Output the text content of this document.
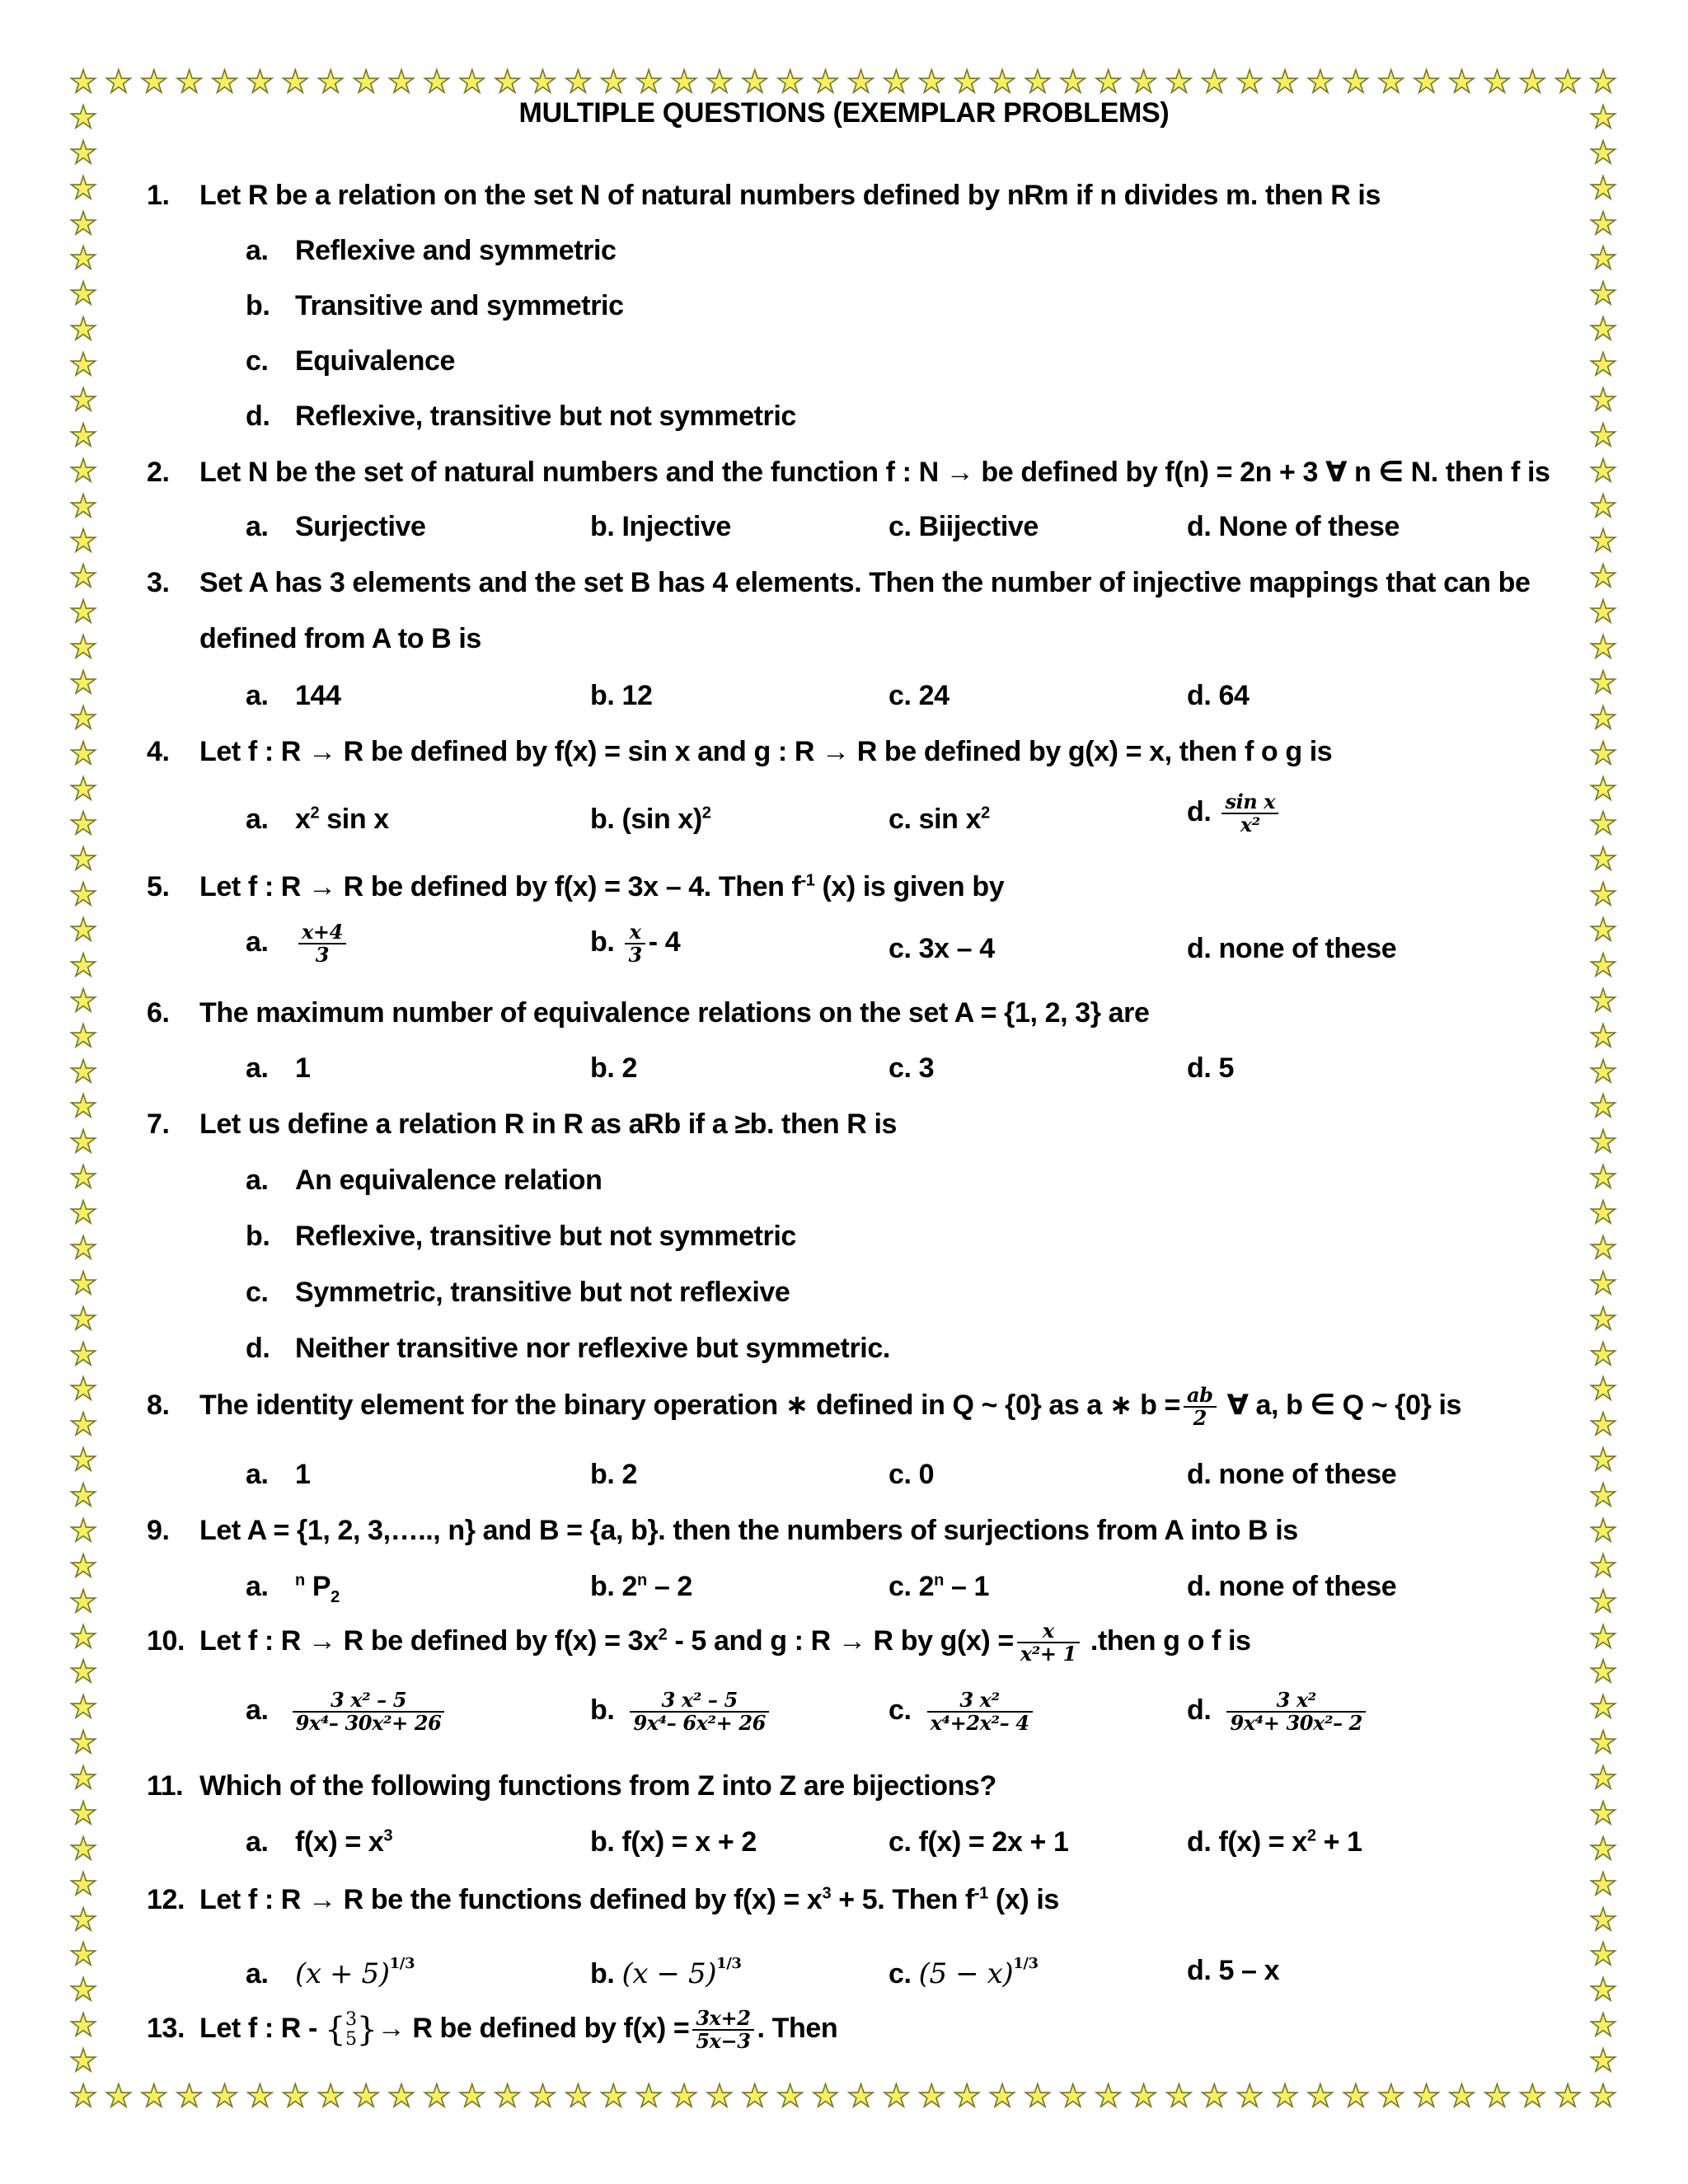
★
★
★
★
★
★
★
★
★
★
★
★
★
★
★
★
★
★
★
★
★
★
★
★
★
★
★
★
★
★
★
★
★
★
★
★
★
★
★
★
★
★
★
★
★
★
★
★
★
★
★
★
★
★
★
★
★
★
★
★
★
★
★
★
★
★
★
★
★
★
★
★
★
★
★
★
★
★
★
★
★
★
★
★
★
★
★
★
★	★
★	★
★	★
★	★
★	★
★	★
★	★
★	★
★	★
★	★
★	★
★	★
★	★
★	★
★	★
★	★
★	★
★	★
★	★
★	★
★	★
★	★
★	★
★	★
★	★
★	★
★	★
★	★
★	★
★	★
★	★
★	★
★	★
★	★
★	★
★	★
★	★
★	★
★	★
★	★
★	★
★	★
★	★
★	★
★	★
★	★
★	★
★	★
★	★
★	★
★	★
★	★
★	★
★	★
★	★
★	★
MULTIPLE QUESTIONS (EXEMPLAR PROBLEMS)
1. Let R be a relation on the set N of natural numbers defined by nRm if n divides m. then R is
a. Reflexive and symmetric
b. Transitive and symmetric
c. Equivalence
d. Reflexive, transitive but not symmetric
2. Let N be the set of natural numbers and the function f : N → be defined by f(n) = 2n + 3 ∀ n ∈ N. then f is
a. Surjective	b. Injective	c. Biijective	d. None of these
3. Set A has 3 elements and the set B has 4 elements. Then the number of injective mappings that can be
defined from A to B is
a. 144	b. 12	c. 24	d. 64
4. Let f : R → R be defined by f(x) = sin x and g : R → R be defined by g(x) = x, then f o g is
a. $x^2$ sin x	b. (sin x)$^2$	c. $\sin x^2$	d. $\frac{\text{sin x}}{\text{x²}}$
5. Let f : R → R be defined by f(x) = 3x – 4. Then $f^{-1}$ (x) is given by
a. $\frac{x+4}{3}$	b. $\frac{x}{3} - 4$	c. 3x – 4	d. none of these
6. The maximum number of equivalence relations on the set A = {1, 2, 3} are
a. 1	b. 2	c. 3	d. 5
7. Let us define a relation R in R as aRb if a ≥b. then R is
a. An equivalence relation
b. Reflexive, transitive but not symmetric
c. Symmetric, transitive but not reflexive
d. Neither transitive nor reflexive but symmetric.
8. The identity element for the binary operation ∗ defined in Q ~ {0} as a ∗ $b = \frac{ab}{2}$ ∀ a, b ∈ Q ~ {0} is
a. 1	b. 2	c. 0	d. none of these
9. Let A = {1, 2, 3,….., n} and B = {a, b}. then the numbers of surjections from A into B is
a. $^n$ $P_2$	b. 2$^n$ – 2	c. 2$^n$ – 1	d. none of these
10. Let f : R → R be defined by $f(x) = 3x^2 - 5$ and g : R → R by $g(x) = \frac{x}{\text{x²+ 1}}$ .then g o f is
a. $\frac{\text{3 x² – 5}}{\text{9x⁴– 30x²+ 26}}$	b. $\frac{\text{3 x² – 5}}{\text{9x⁴– 6x²+ 26}}$	c. $\frac{\text{3 x²}}{\text{x⁴+2x²– 4}}$	d. $\frac{\text{3 x²}}{\text{9x⁴+ 30x²– 2}}$
11. Which of the following functions from Z into Z are bijections?
a. $f(x) = x^3$	b. f(x) = x + 2	c. f(x) = 2x + 1	d. $f(x) = x^2 + 1$
12. Let f : R → R be the functions defined by $f(x) = x^3 + 5$. Then $f^{-1}$ (x) is
a. $(x + 5)^{1/3}$	b. $(x - 5)^{1/3}$	c. $(5 - x)^{1/3}$	d. 5 – x
13. Let f : R - { 3
5 }→ R be defined by $f(x) = \frac{3x+2}{5x-3}$ . Then
